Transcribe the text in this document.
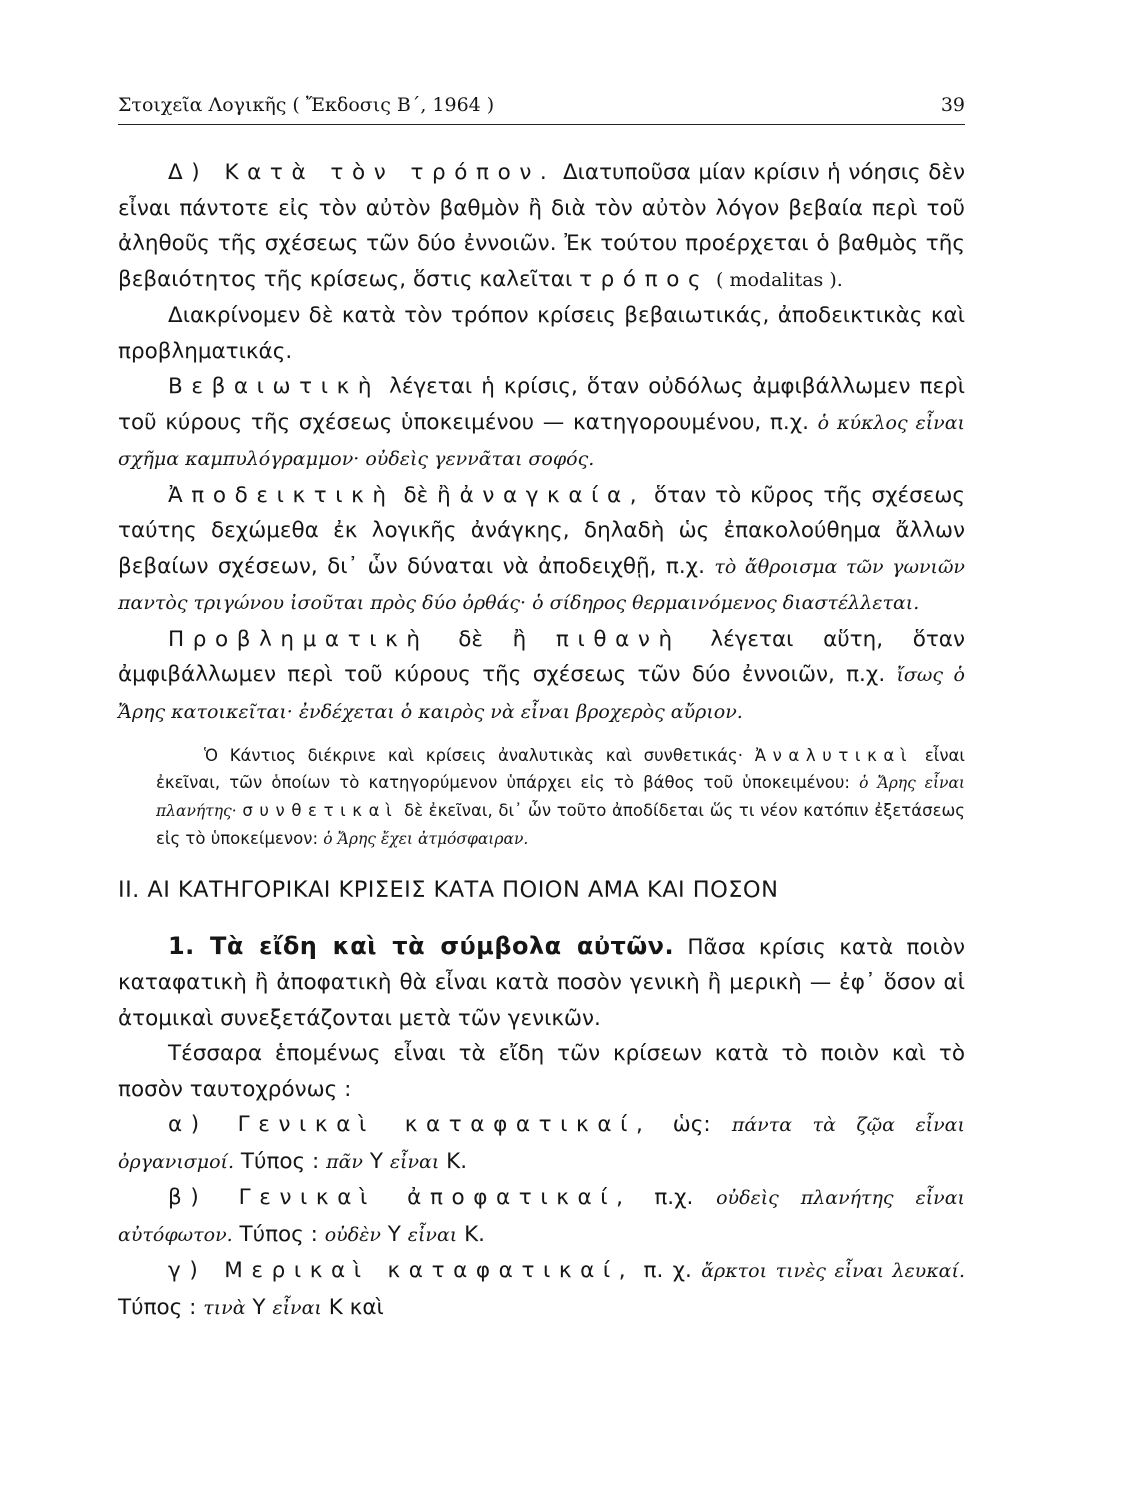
Στοιχεῖα Λογικῆς ( Ἔκδοσις Β΄, 1964 )	39

Δ) Κατὰ τὸν τρόπον. Διατυποῦσα μίαν κρίσιν ἡ νόησις δὲν εἶναι πάντοτε εἰς τὸν αὐτὸν βαθμὸν ἢ διὰ τὸν αὐτὸν λόγον βεβαία περὶ τοῦ ἀληθοῦς τῆς σχέσεως τῶν δύο ἐννοιῶν. Ἐκ τούτου προέρχεται ὁ βαθμὸς τῆς βεβαιότητος τῆς κρίσεως, ὅστις καλεῖται τρόπος ( modalitas ).

Διακρίνομεν δὲ κατὰ τὸν τρόπον κρίσεις βεβαιωτικάς, ἀποδεικτικὰς καὶ προβληματικάς.

Βεβαιωτικὴ λέγεται ἡ κρίσις, ὅταν οὐδόλως ἀμφιβάλλωμεν περὶ τοῦ κύρους τῆς σχέσεως ὑποκειμένου — κατηγορουμένου, π.χ. ὁ κύκλος εἶναι σχῆμα καμπυλόγραμμον· οὐδεὶς γεννᾶται σοφός.

Ἀποδεικτικὴ δὲ ἢ ἀναγκαία, ὅταν τὸ κῦρος τῆς σχέσεως ταύτης δεχώμεθα ἐκ λογικῆς ἀνάγκης, δηλαδὴ ὡς ἐπακολούθημα ἄλλων βεβαίων σχέσεων, δι᾽ ὧν δύναται νὰ ἀποδειχθῇ, π.χ. τὸ ἄθροισμα τῶν γωνιῶν παντὸς τριγώνου ἰσοῦται πρὸς δύο ὀρθάς· ὁ σίδηρος θερμαινόμενος διαστέλλεται.

Προβληματικὴ δὲ ἢ πιθανὴ λέγεται αὕτη, ὅταν ἀμφιβάλλωμεν περὶ τοῦ κύρους τῆς σχέσεως τῶν δύο ἐννοιῶν, π.χ. ἴσως ὁ Ἄρης κατοικεῖται· ἐνδέχεται ὁ καιρὸς νὰ εἶναι βροχερὸς αὔριον.

Ὁ Κάντιος διέκρινε καὶ κρίσεις ἀναλυτικὰς καὶ συνθετικάς· Ἀναλυτικαὶ εἶναι ἐκεῖναι, τῶν ὁποίων τὸ κατηγορύμενον ὑπάρχει εἰς τὸ βάθος τοῦ ὑποκειμένου: ὁ Ἄρης εἶναι πλανήτης· συνθετικαὶ δὲ ἐκεῖναι, δι᾽ ὧν τοῦτο ἀποδίδεται ὥς τι νέον κατόπιν ἐξετάσεως εἰς τὸ ὑποκείμενον: ὁ Ἄρης ἔχει ἀτμόσφαιραν.

ΙΙ. ΑΙ ΚΑΤΗΓΟΡΙΚΑΙ ΚΡΙΣΕΙΣ ΚΑΤΑ ΠΟΙΟΝ ΑΜΑ ΚΑΙ ΠΟΣΟΝ

1. Τὰ εἴδη καὶ τὰ σύμβολα αὐτῶν. Πᾶσα κρίσις κατὰ ποιὸν καταφατικὴ ἢ ἀποφατικὴ θὰ εἶναι κατὰ ποσὸν γενικὴ ἢ μερικὴ — ἐφ᾽ ὅσον αἱ ἀτομικαὶ συνεξετάζονται μετὰ τῶν γενικῶν.

Τέσσαρα ἑπομένως εἶναι τὰ εἴδη τῶν κρίσεων κατὰ τὸ ποιὸν καὶ τὸ ποσὸν ταυτοχρόνως :

α) Γενικαὶ καταφατικαί, ὡς: πάντα τὰ ζῷα εἶναι ὀργανισμοί. Τύπος : πᾶν Υ εἶναι Κ.

β) Γενικαὶ ἀποφατικαί, π.χ. οὐδεὶς πλανήτης εἶναι αὐτόφωτον. Τύπος : οὐδὲν Υ εἶναι Κ.

γ) Μερικαὶ καταφατικαί, π. χ. ἄρκτοι τινὲς εἶναι λευκαί. Τύπος : τινὰ Υ εἶναι Κ καὶ
